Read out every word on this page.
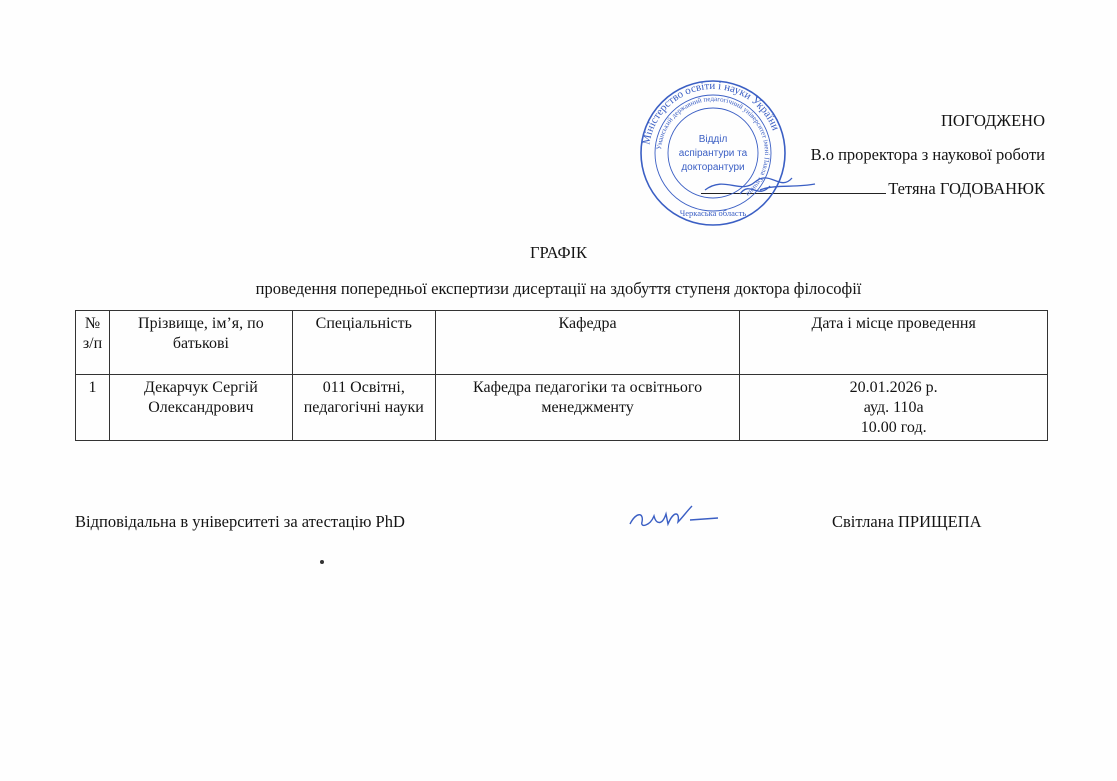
ПОГОДЖЕНО
В.о проректора з наукової роботи
Тетяна ГОДОВАНЮК
Міністерство освіти і науки України
Уманський державний педагогічний університет імені Павла Тичини
Черкаська область
Відділ
аспірантури та
докторантури
ГРАФІК
проведення попередньої експертизи дисертації на здобуття ступеня доктора філософії
№ з/п	Прізвище, ім’я, по батькові	Спеціальність	Кафедра	Дата і місце проведення
1	Декарчук Сергій Олександрович	011 Освітні, педагогічні науки	Кафедра педагогіки та освітнього менеджменту	20.01.2026 р.
ауд. 110а
10.00 год.
Відповідальна в університеті за атестацію PhD	Світлана ПРИЩЕПА
